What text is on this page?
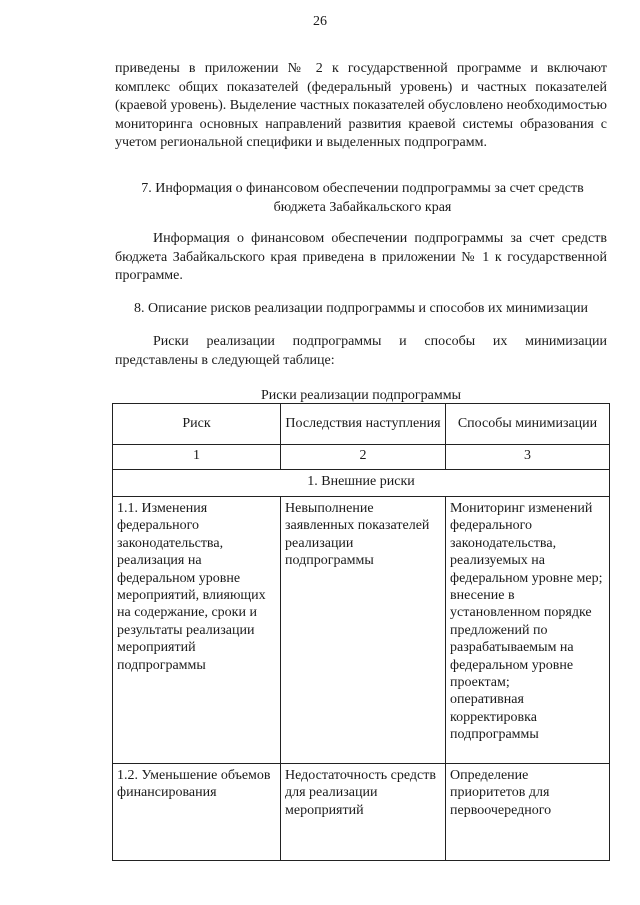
26

приведены в приложении № 2 к государственной программе и включают комплекс общих показателей (федеральный уровень) и частных показателей (краевой уровень). Выделение частных показателей обусловлено необходимостью мониторинга основных направлений развития краевой системы образования с учетом региональной специфики и выделенных подпрограмм.

7. Информация о финансовом обеспечении подпрограммы за счет средств бюджета Забайкальского края

Информация о финансовом обеспечении подпрограммы за счет средств бюджета Забайкальского края приведена в приложении № 1 к государственной программе.

8. Описание рисков реализации подпрограммы и способов их минимизации

Риски реализации подпрограммы и способы их минимизации представлены в следующей таблице:

Риски реализации подпрограммы
Риск	Последствия наступления	Способы минимизации
1	2	3
1. Внешние риски		
1.1. Изменения федерального законодательства, реализация на федеральном уровне мероприятий, влияющих на содержание, сроки и результаты реализации мероприятий подпрограммы	Невыполнение заявленных показателей реализации подпрограммы	Мониторинг изменений федерального законодательства, реализуемых на федеральном уровне мер;
внесение в установленном порядке предложений по разрабатываемым на федеральном уровне проектам;
оперативная корректировка подпрограммы
1.2. Уменьшение объемов финансирования	Недостаточность средств для реализации мероприятий	Определение приоритетов для первоочередного
